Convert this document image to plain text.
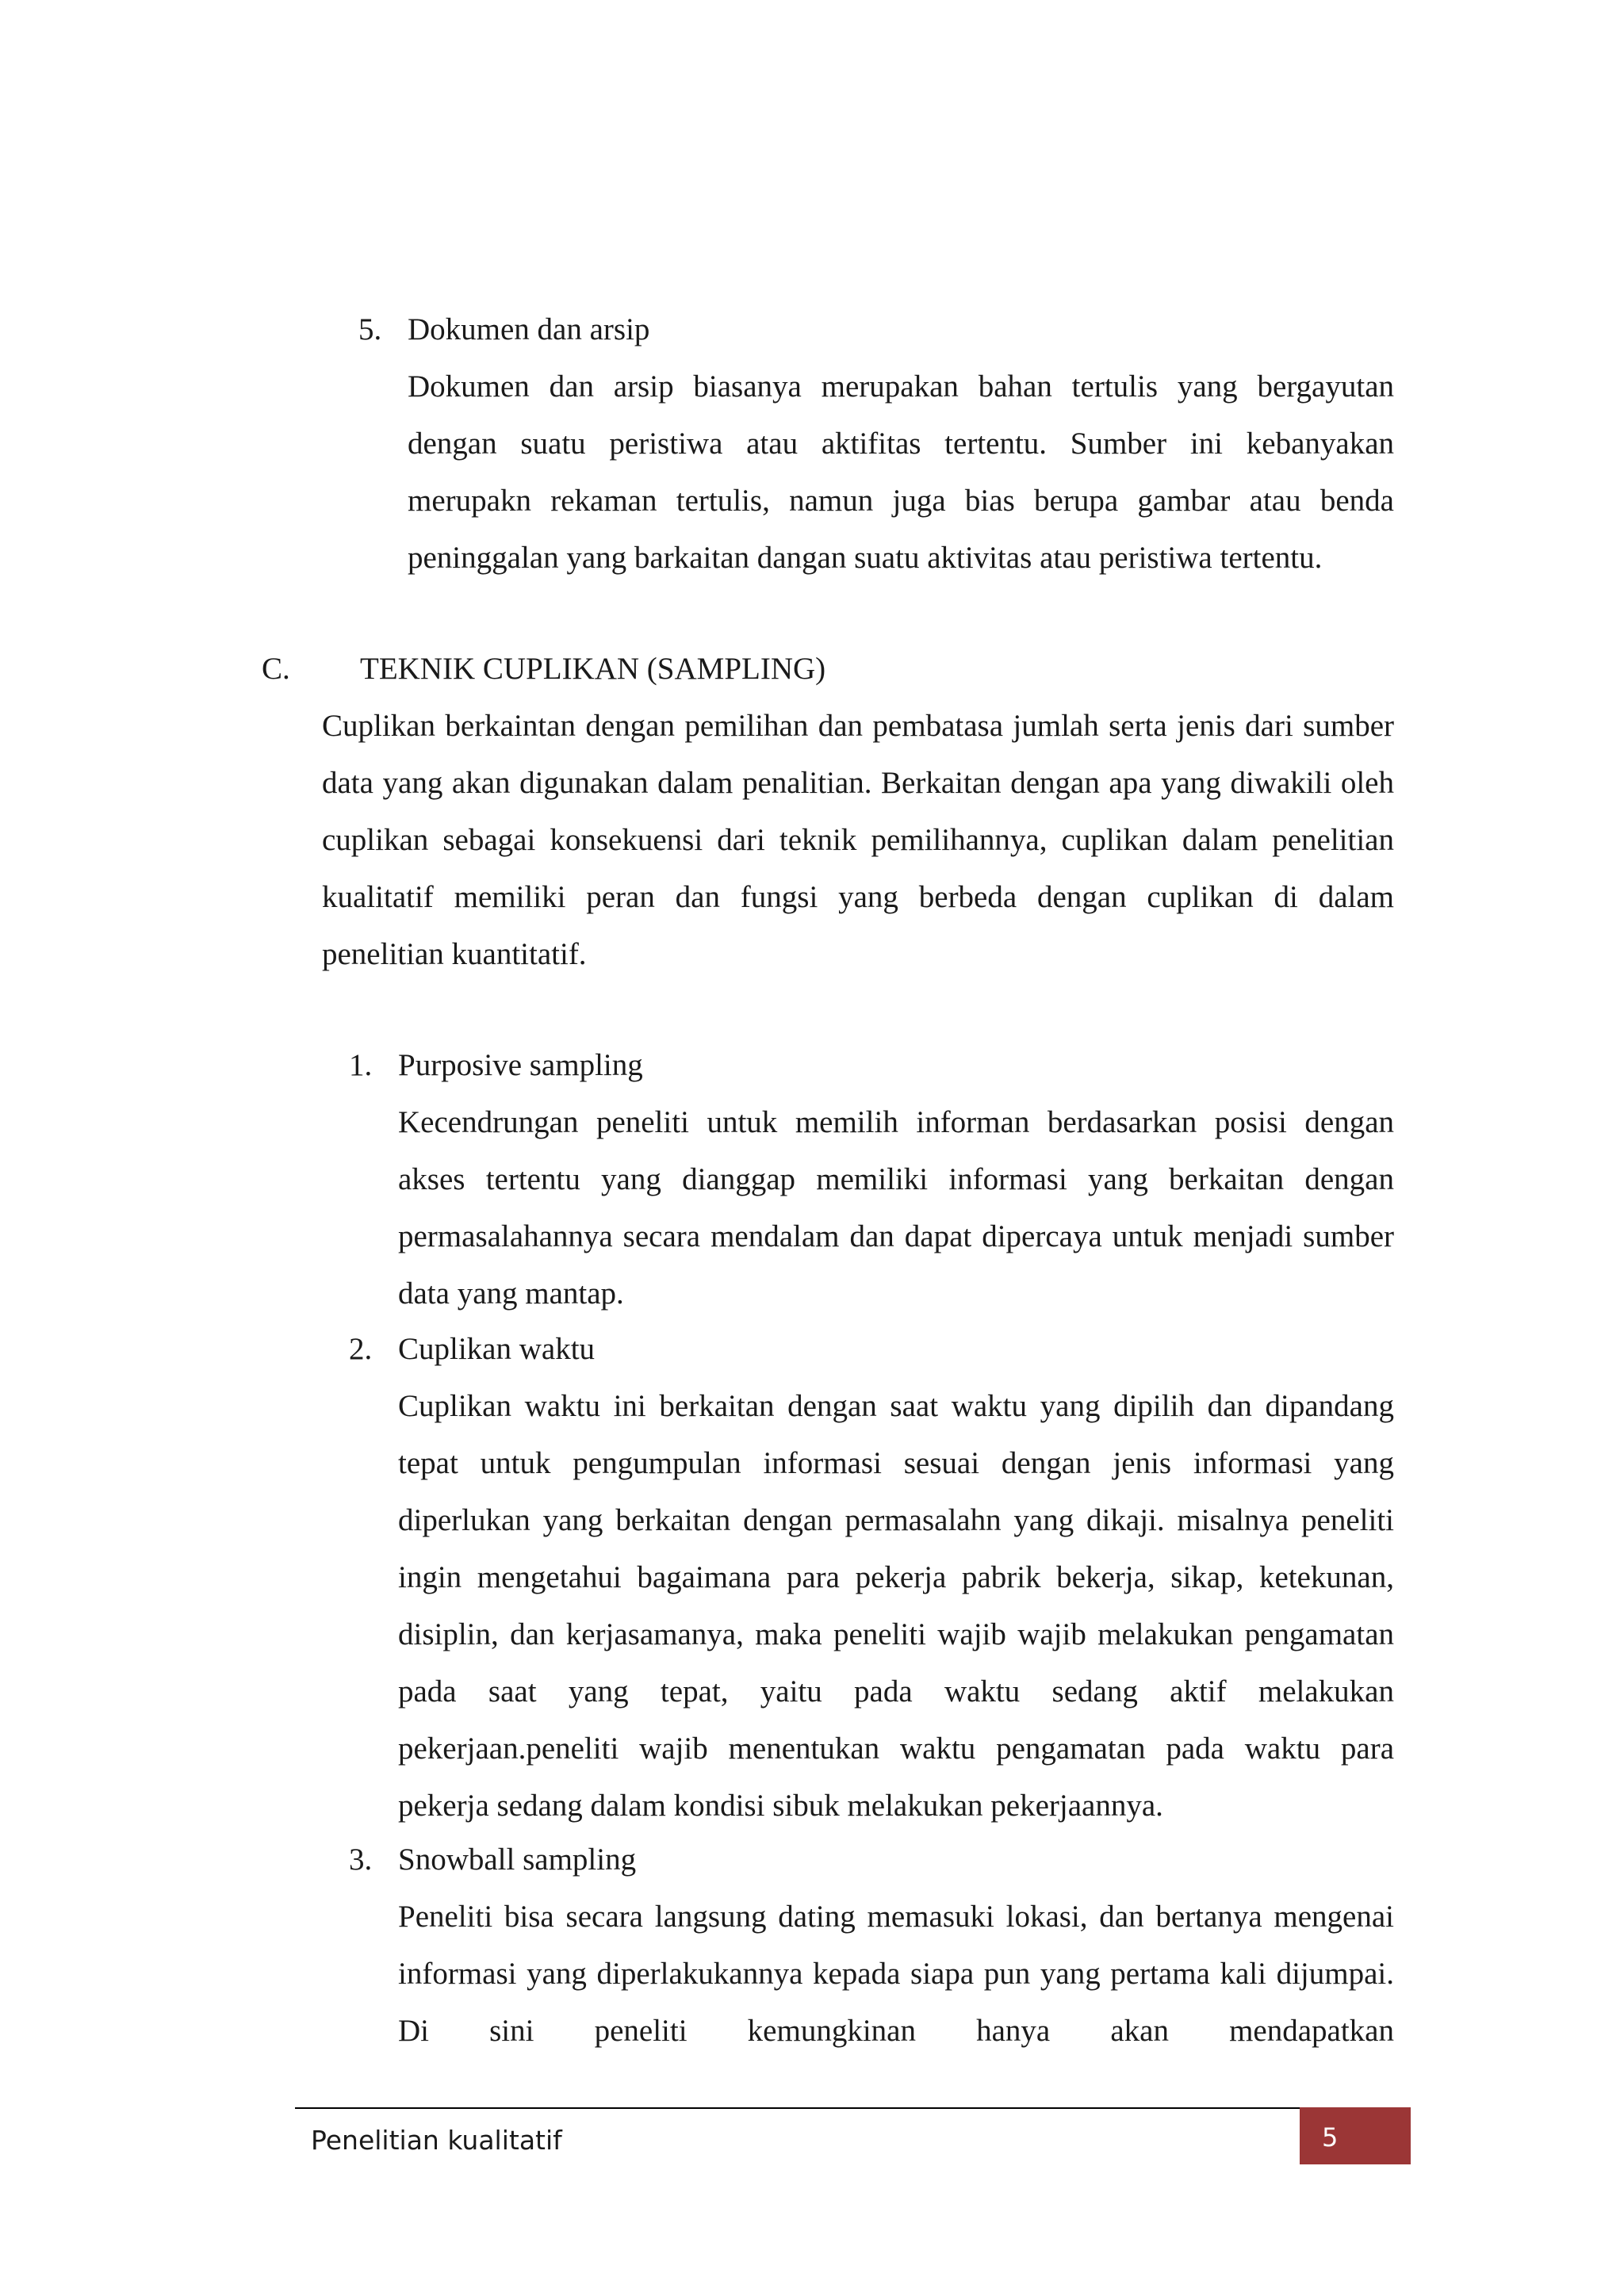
5. Dokumen dan arsip

Dokumen dan arsip biasanya merupakan bahan tertulis yang bergayutan dengan suatu peristiwa atau aktifitas tertentu. Sumber ini kebanyakan merupakn rekaman tertulis, namun juga bias berupa gambar atau benda peninggalan yang barkaitan dangan suatu aktivitas atau peristiwa tertentu.

C. TEKNIK CUPLIKAN (SAMPLING)

Cuplikan berkaintan dengan pemilihan dan pembatasa jumlah serta jenis dari sumber data yang akan digunakan dalam penalitian. Berkaitan dengan apa yang diwakili oleh cuplikan sebagai konsekuensi dari teknik pemilihannya, cuplikan dalam penelitian kualitatif memiliki peran dan fungsi yang berbeda dengan cuplikan di dalam penelitian kuantitatif.

1. Purposive sampling

Kecendrungan peneliti untuk memilih informan berdasarkan posisi dengan akses tertentu yang dianggap memiliki informasi yang berkaitan dengan permasalahannya secara mendalam dan dapat dipercaya untuk menjadi sumber data yang mantap.

2. Cuplikan waktu

Cuplikan waktu ini berkaitan dengan saat waktu yang dipilih dan dipandang tepat untuk pengumpulan informasi sesuai dengan jenis informasi yang diperlukan yang berkaitan dengan permasalahn yang dikaji. misalnya peneliti ingin mengetahui bagaimana para pekerja pabrik bekerja, sikap, ketekunan, disiplin, dan kerjasamanya, maka peneliti wajib wajib melakukan pengamatan pada saat yang tepat, yaitu pada waktu sedang aktif melakukan pekerjaan.peneliti wajib menentukan waktu pengamatan pada waktu para pekerja sedang dalam kondisi sibuk melakukan pekerjaannya.

3. Snowball sampling

Peneliti bisa secara langsung dating memasuki lokasi, dan bertanya mengenai informasi yang diperlakukannya kepada siapa pun yang pertama kali dijumpai. Di sini peneliti kemungkinan hanya akan mendapatkan

Penelitian kualitatif	5
